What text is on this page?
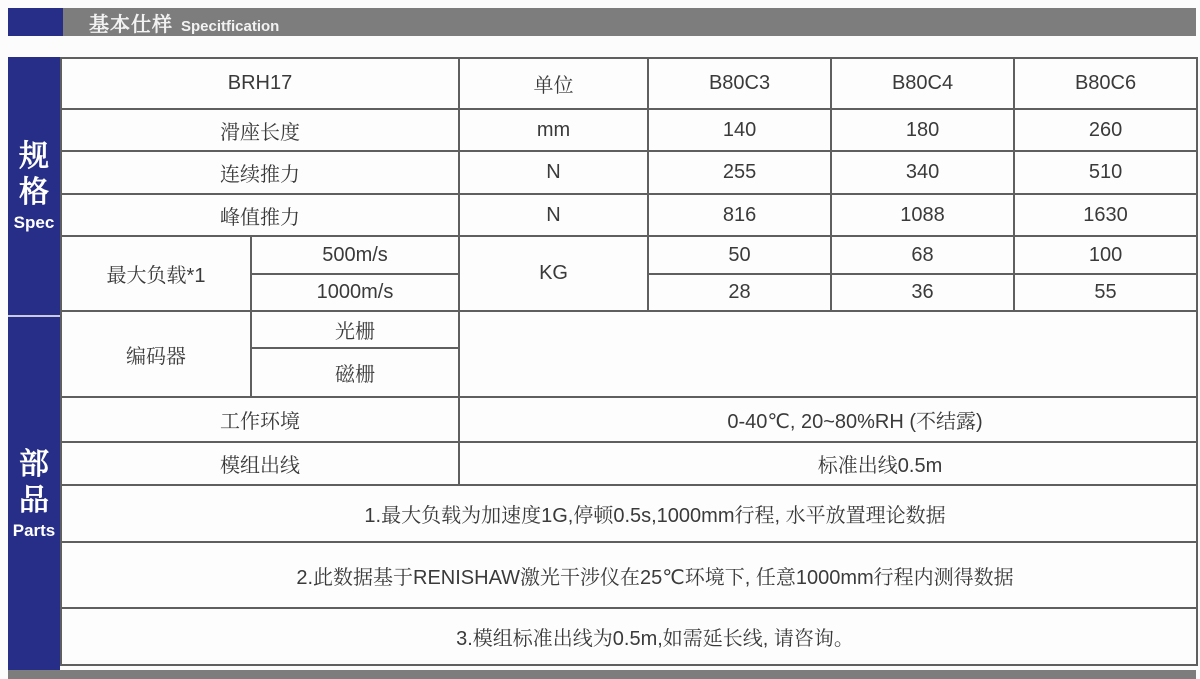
基本仕样 Specitfication
规格
Spec
部品
Parts
BRH17		单位	B80C3	B80C4	B80C6
滑座长度		mm	140	180	260
连续推力		N	255	340	510
峰值推力		N	816	1088	1630
最大负载*1	500m/s	KG	50	68	100
	1000m/s		28	36	55
编码器	光栅				
	磁栅				
工作环境		0-40℃, 20~80%RH (不结露)			
模组出线		标准出线0.5m			
1.最大负载为加速度1G,停顿0.5s,1000mm行程, 水平放置理论数据					
2.此数据基于RENISHAW激光干涉仪在25℃环境下, 任意1000mm行程内测得数据					
3.模组标准出线为0.5m,如需延长线, 请咨询。					
